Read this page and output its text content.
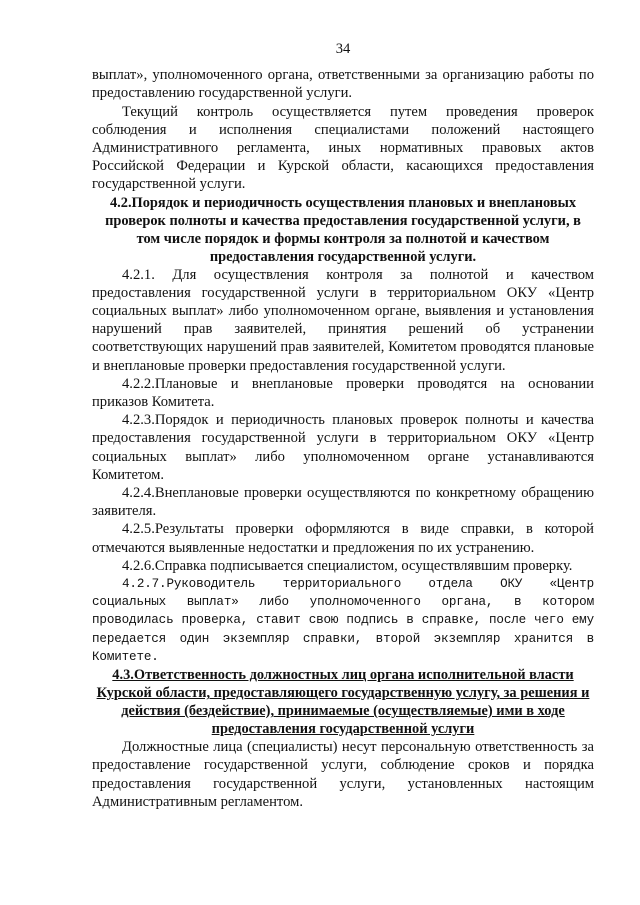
34

выплат», уполномоченного органа, ответственными за организацию работы по предоставлению государственной услуги.

Текущий контроль осуществляется путем проведения проверок соблюдения и исполнения специалистами положений настоящего Административного регламента, иных нормативных правовых актов Российской Федерации и Курской области, касающихся предоставления государственной услуги.

4.2.Порядок и периодичность осуществления плановых и внеплановых проверок полноты и качества предоставления государственной услуги, в том числе порядок и формы контроля за полнотой и качеством предоставления государственной услуги.

4.2.1. Для осуществления контроля за полнотой и качеством предоставления государственной услуги в территориальном ОКУ «Центр социальных выплат» либо уполномоченном органе, выявления и установления нарушений прав заявителей, принятия решений об устранении соответствующих нарушений прав заявителей, Комитетом проводятся плановые и внеплановые проверки предоставления государственной услуги.

4.2.2.Плановые и внеплановые проверки проводятся на основании приказов Комитета.

4.2.3.Порядок и периодичность плановых проверок полноты и качества предоставления государственной услуги в территориальном ОКУ «Центр социальных выплат» либо уполномоченном органе устанавливаются Комитетом.

4.2.4.Внеплановые проверки осуществляются по конкретному обращению заявителя.

4.2.5.Результаты проверки оформляются в виде справки, в которой отмечаются выявленные недостатки и предложения по их устранению.

4.2.6.Справка подписывается специалистом, осуществлявшим проверку.

4.2.7.Руководитель территориального отдела ОКУ «Центр социальных выплат» либо уполномоченного органа, в котором проводилась проверка, ставит свою подпись в справке, после чего ему передается один экземпляр справки, второй экземпляр хранится в Комитете.

4.3.Ответственность должностных лиц органа исполнительной власти Курской области, предоставляющего государственную услугу, за решения и действия (бездействие), принимаемые (осуществляемые) ими в ходе предоставления государственной услуги

Должностные лица (специалисты) несут персональную ответственность за предоставление государственной услуги, соблюдение сроков и порядка предоставления государственной услуги, установленных настоящим Административным регламентом.
